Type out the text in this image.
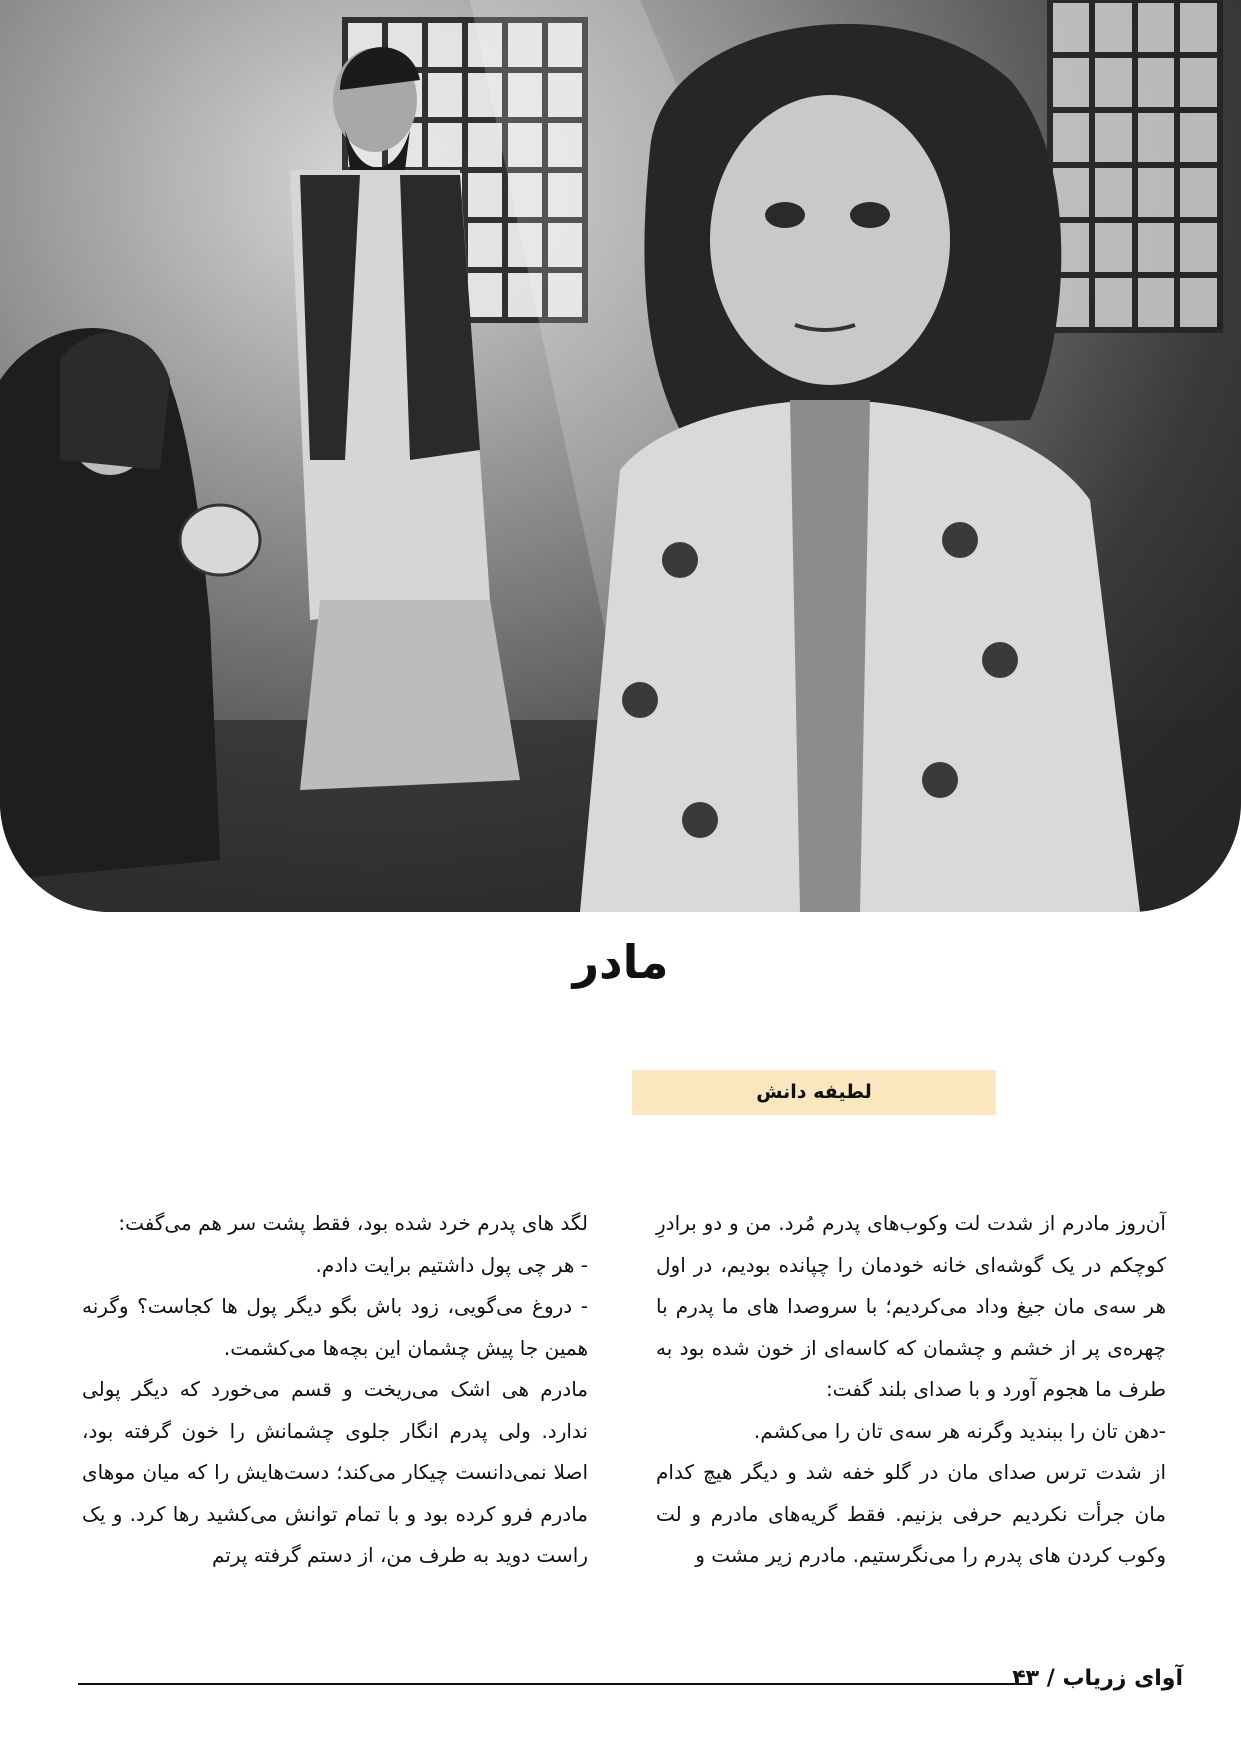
مادر
لطیفه دانش

آن‌روز مادرم از شدت لت وکوب‌های پدرم مُرد. من و دو برادرِ کوچکم در یک گوشه‌ای خانه خودمان را چپانده بودیم، در اول هر سه‌ی مان جیغ وداد می‌کردیم؛ با سروصدا های ما پدرم با چهره‌ی پر از خشم و چشمان که کاسه‌ای از خون شده بود به طرف ما هجوم آورد و با صدای بلند گفت:

-دهن تان را ببندید وگرنه هر سه‌ی تان را می‌کشم.

از شدت ترس صدای مان در گلو خفه شد و دیگر هیچ کدام مان جرأت نکردیم حرفی بزنیم. فقط گریه‌های مادرم و لت وکوب کردن های پدرم را می‌نگرستیم. مادرم زیر مشت و

لگد های پدرم خرد شده بود، فقط پشت سر هم می‌گفت:

- هر چی پول داشتیم برایت دادم.

- دروغ می‌گویی، زود باش بگو دیگر پول ها کجاست؟ وگرنه همین جا پیش چشمان این بچه‌ها می‌کشمت.

مادرم هی اشک می‌ریخت و قسم می‌خورد که دیگر پولی ندارد. ولی پدرم انگار جلوی چشمانش را خون گرفته بود، اصلا نمی‌دانست چیکار می‌کند؛ دست‌هایش را که میان موهای مادرم فرو کرده بود و با تمام توانش می‌کشید رها کرد. و یک راست دوید به طرف من، از دستم گرفته پرتم

آوای زریاب / ۴۳
